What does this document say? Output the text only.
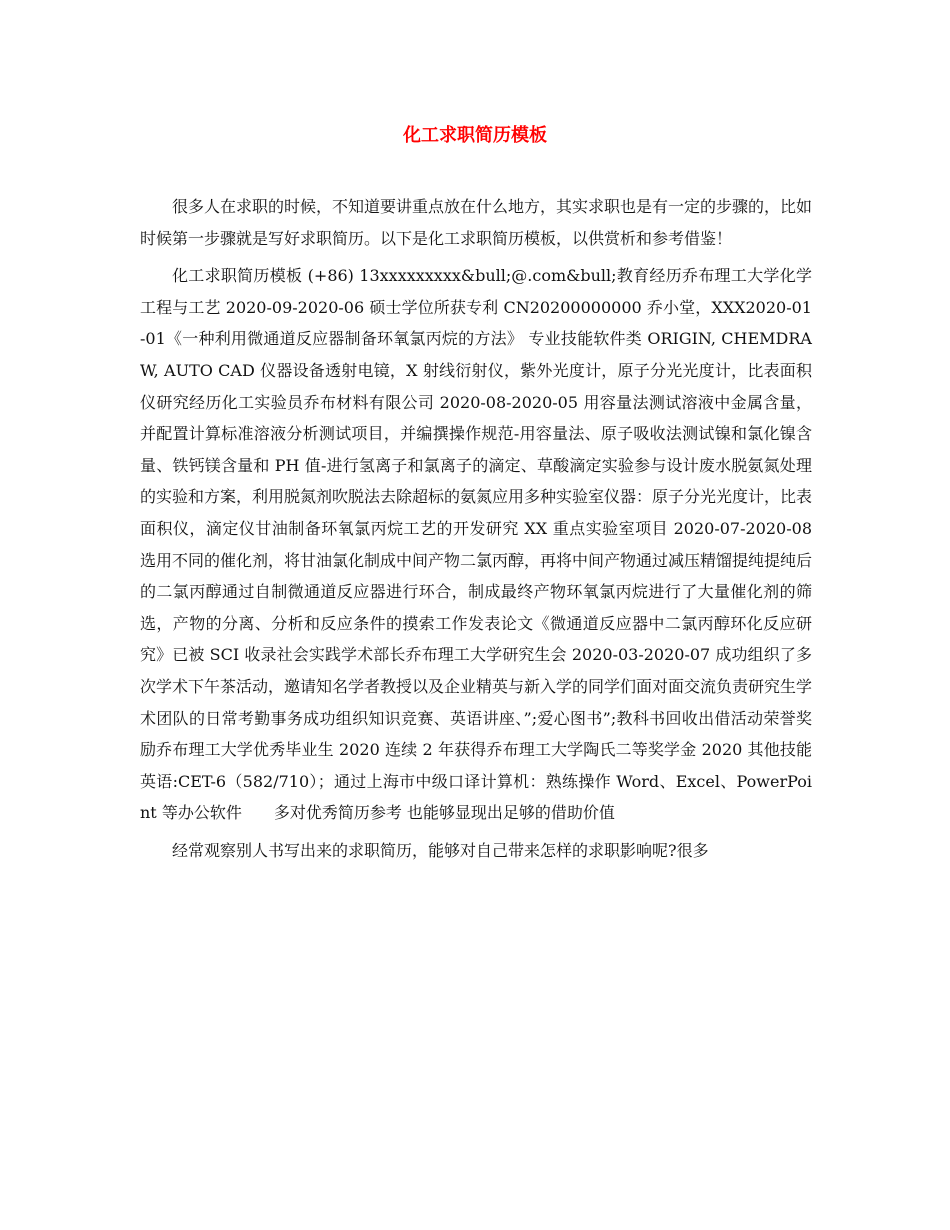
化工求职简历模板

很多人在求职的时候，不知道要讲重点放在什么地方，其实求职也是有一定的步骤的，比如时候第一步骤就是写好求职简历。以下是化工求职简历模板，以供赏析和参考借鉴！

化工求职简历模板 (+86) 13xxxxxxxxx&bull;@.com&bull;教育经历乔布理工大学化学工程与工艺 2020-09-2020-06 硕士学位所获专利 CN20200000000 乔小堂，XXX2020-01-01《一种利用微通道反应器制备环氧氯丙烷的方法》 专业技能软件类 ORIGIN, CHEMDRAW, AUTO CAD 仪器设备透射电镜，X 射线衍射仪，紫外光度计，原子分光光度计，比表面积仪研究经历化工实验员乔布材料有限公司 2020-08-2020-05 用容量法测试溶液中金属含量，并配置计算标准溶液分析测试项目，并编撰操作规范-用容量法、原子吸收法测试镍和氯化镍含量、铁钙镁含量和 PH 值-进行氢离子和氯离子的滴定、草酸滴定实验参与设计废水脱氨氮处理的实验和方案，利用脱氮剂吹脱法去除超标的氨氮应用多种实验室仪器：原子分光光度计，比表面积仪，滴定仪甘油制备环氧氯丙烷工艺的开发研究 XX 重点实验室项目 2020-07-2020-08 选用不同的催化剂，将甘油氯化制成中间产物二氯丙醇，再将中间产物通过减压精馏提纯提纯后的二氯丙醇通过自制微通道反应器进行环合，制成最终产物环氧氯丙烷进行了大量催化剂的筛选，产物的分离、分析和反应条件的摸索工作发表论文《微通道反应器中二氯丙醇环化反应研究》已被 SCI 收录社会实践学术部长乔布理工大学研究生会 2020-03-2020-07 成功组织了多次学术下午茶活动，邀请知名学者教授以及企业精英与新入学的同学们面对面交流负责研究生学术团队的日常考勤事务成功组织知识竞赛、英语讲座、”;爱心图书”;教科书回收出借活动荣誉奖励乔布理工大学优秀毕业生 2020 连续 2 年获得乔布理工大学陶氏二等奖学金 2020 其他技能英语:CET-6（582/710）；通过上海市中级口译计算机：熟练操作 Word、Excel、PowerPoint 等办公软件　　多对优秀简历参考 也能够显现出足够的借助价值

经常观察别人书写出来的求职简历，能够对自己带来怎样的求职影响呢?很多
